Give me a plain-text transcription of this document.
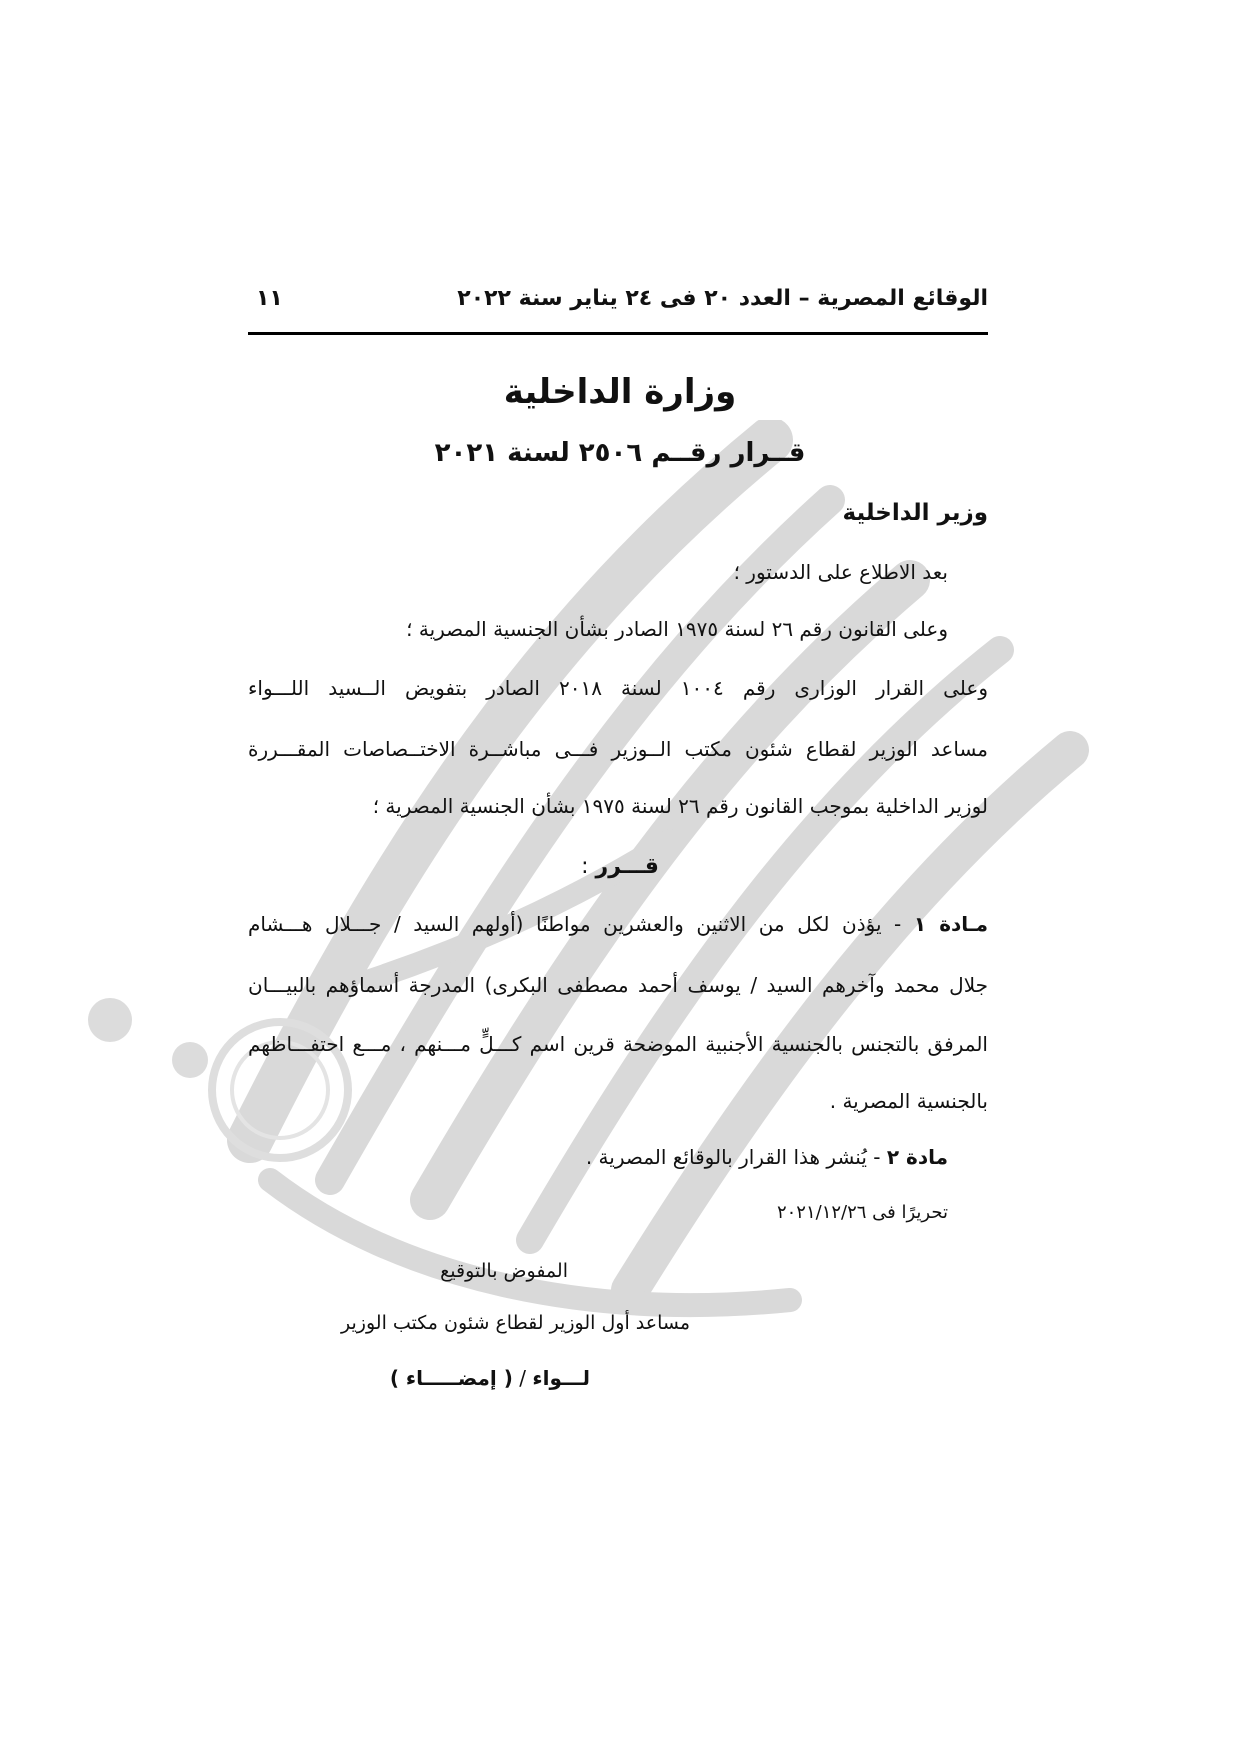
الوقائع المصرية – العدد ٢٠ فى ٢٤ يناير سنة ٢٠٢٢
١١
وزارة الداخلية
قــرار رقــم ٢٥٠٦ لسنة ٢٠٢١
وزير الداخلية
بعد الاطلاع على الدستور ؛
وعلى القانون رقم ٢٦ لسنة ١٩٧٥ الصادر بشأن الجنسية المصرية ؛
وعلى القرار الوزارى رقم ١٠٠٤ لسنة ٢٠١٨ الصادر بتفويض الــسيد اللـــواء
مساعد الوزير لقطاع شئون مكتب الــوزير فـــى مباشــرة الاختــصاصات المقـــررة
لوزير الداخلية بموجب القانون رقم ٢٦ لسنة ١٩٧٥ بشأن الجنسية المصرية ؛
قـــرر :
مـادة ١ - يؤذن لكل من الاثنين والعشرين مواطنًا (أولهم السيد / جـــلال هـــشام
جلال محمد وآخرهم السيد / يوسف أحمد مصطفى البكرى) المدرجة أسماؤهم بالبيـــان
المرفق بالتجنس بالجنسية الأجنبية الموضحة قرين اسم كـــلٍّ مـــنهم ، مـــع احتفـــاظهم
بالجنسية المصرية .
مادة ٢ - يُنشر هذا القرار بالوقائع المصرية .
تحريرًا فى ٢٠٢١/١٢/٢٦
المفوض بالتوقيع
مساعد أول الوزير لقطاع شئون مكتب الوزير
لـــواء / ( إمضـــــاء )
